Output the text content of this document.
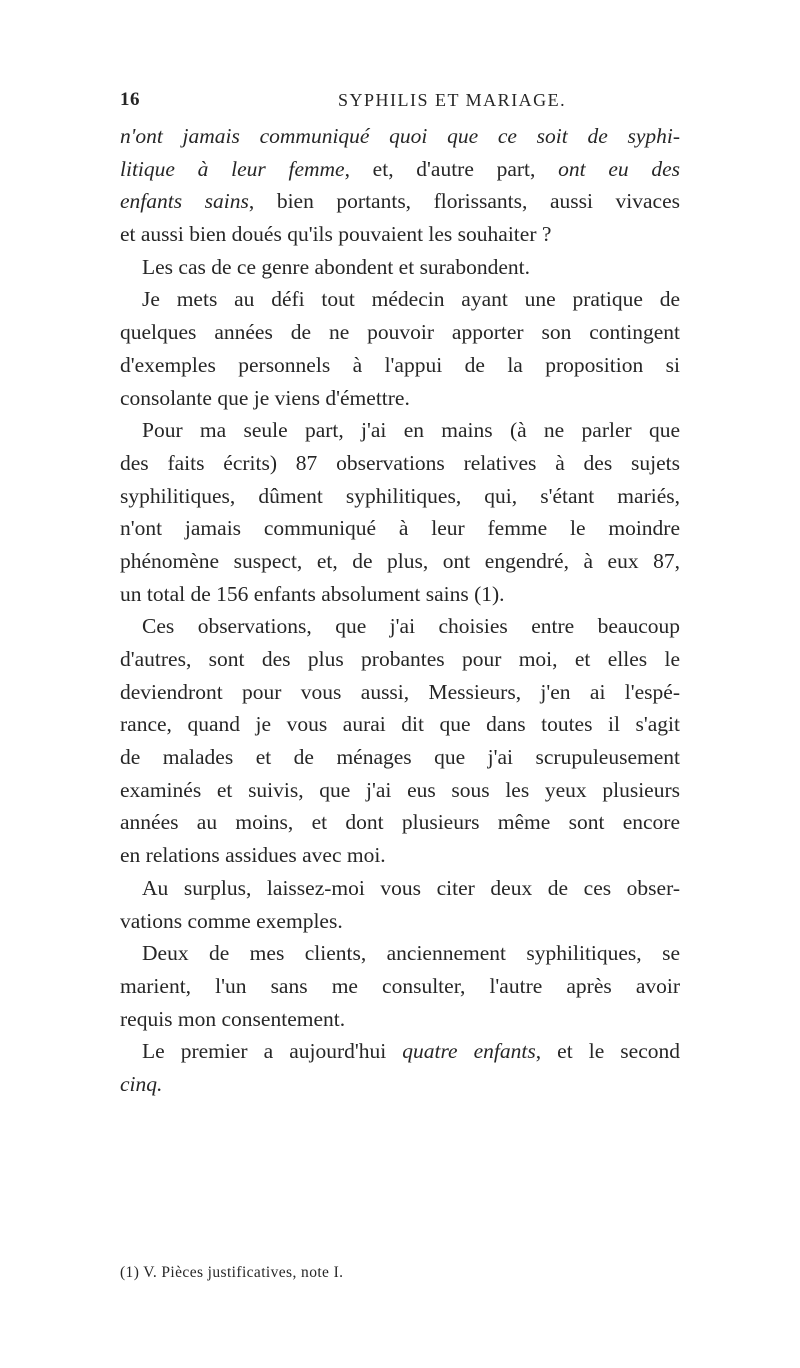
16	SYPHILIS ET MARIAGE.
n'ont jamais communiqué quoi que ce soit de syphi-
litique à leur femme, et, d'autre part, ont eu des
enfants sains, bien portants, florissants, aussi vivaces
et aussi bien doués qu'ils pouvaient les souhaiter ?
Les cas de ce genre abondent et surabondent.
Je mets au défi tout médecin ayant une pratique de
quelques années de ne pouvoir apporter son contingent
d'exemples personnels à l'appui de la proposition si
consolante que je viens d'émettre.
Pour ma seule part, j'ai en mains (à ne parler que
des faits écrits) 87 observations relatives à des sujets
syphilitiques, dûment syphilitiques, qui, s'étant mariés,
n'ont jamais communiqué à leur femme le moindre
phénomène suspect, et, de plus, ont engendré, à eux 87,
un total de 156 enfants absolument sains (1).
Ces observations, que j'ai choisies entre beaucoup
d'autres, sont des plus probantes pour moi, et elles le
deviendront pour vous aussi, Messieurs, j'en ai l'espé-
rance, quand je vous aurai dit que dans toutes il s'agit
de malades et de ménages que j'ai scrupuleusement
examinés et suivis, que j'ai eus sous les yeux plusieurs
années au moins, et dont plusieurs même sont encore
en relations assidues avec moi.
Au surplus, laissez-moi vous citer deux de ces obser-
vations comme exemples.
Deux de mes clients, anciennement syphilitiques, se
marient, l'un sans me consulter, l'autre après avoir
requis mon consentement.
Le premier a aujourd'hui quatre enfants, et le second
cinq.
(1) V. Pièces justificatives, note I.
